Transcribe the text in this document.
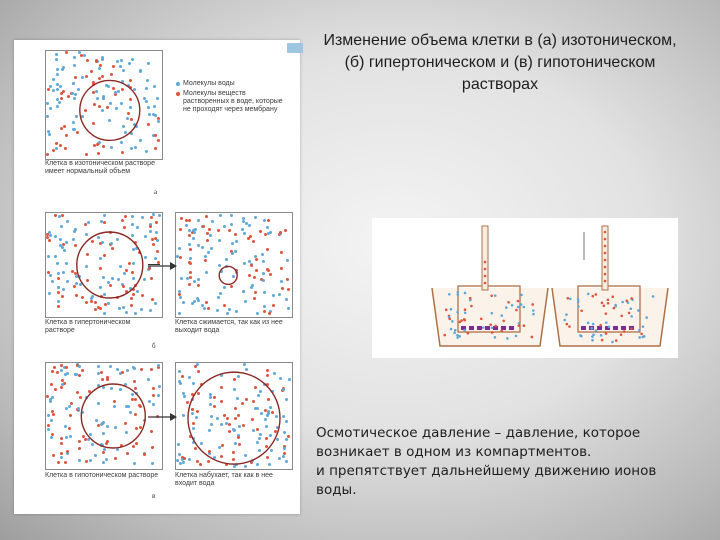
Молекулы воды
Молекулы веществ растворенных в воде, которые не проходят через мембрану
Клетка в изотоническом растворе имеет нормальный объем
а
Клетка в гипертоническом растворе
Клетка сжимается, так как из нее выходит вода
б
Клетка в гипотоническом растворе	Клетка набухает, так как в нее входит вода
в
Изменение объема клетки в (а) изотоническом, (б) гипертоническом и (в) гипотоническом растворах

Осмотическое давление – давление, которое возникает в одном из компартментов.

и препятствует дальнейшему движению ионов воды.
